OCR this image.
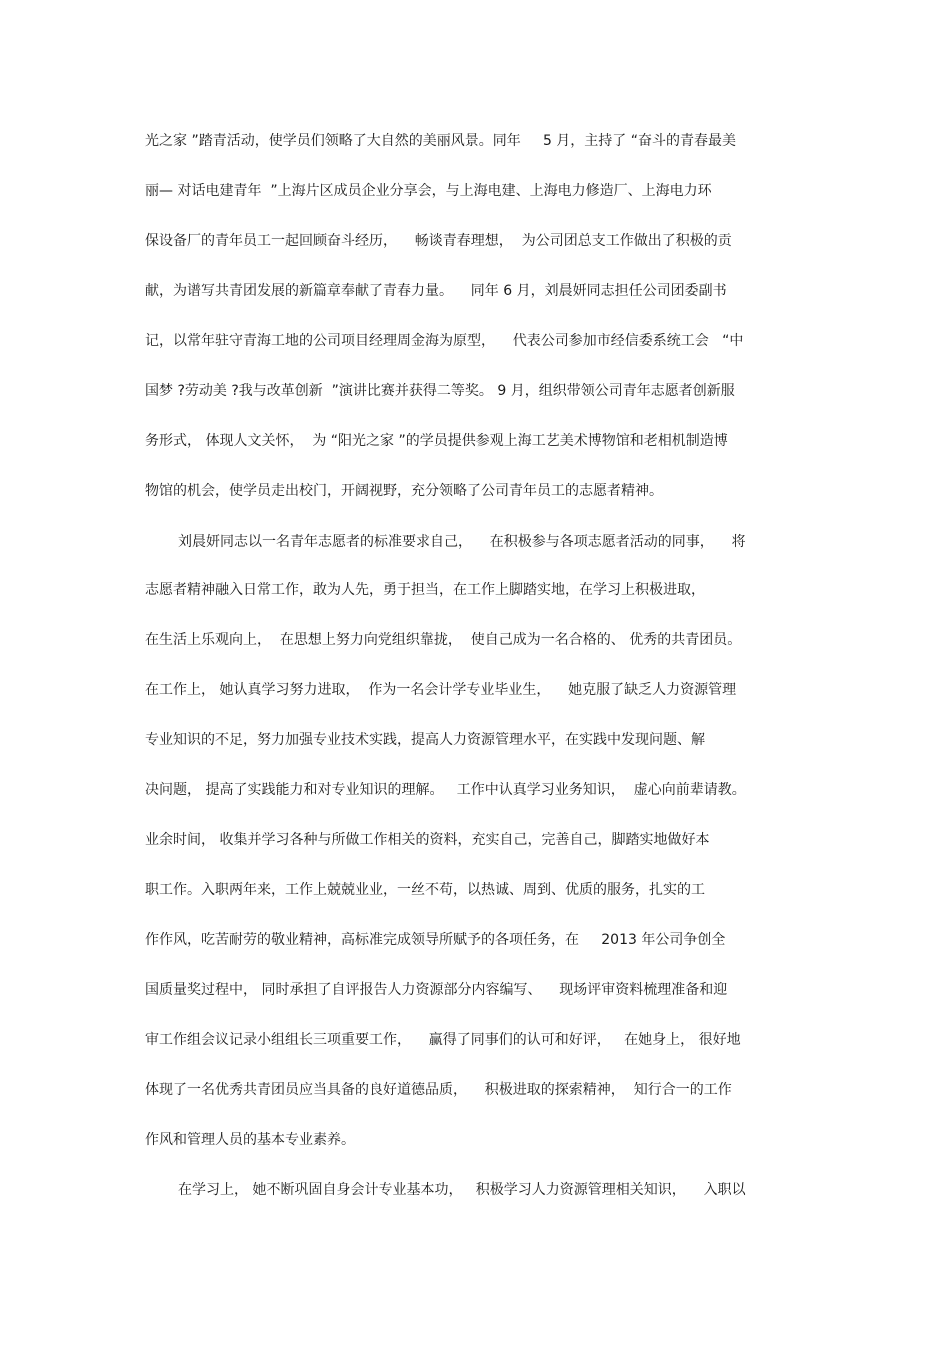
光之家 ”踏青活动，使学员们领略了大自然的美丽风景。同年     5 月，主持了 “奋斗的青春最美
丽— 对话电建青年  ”上海片区成员企业分享会，与上海电建、上海电力修造厂、上海电力环
保设备厂的青年员工一起回顾奋斗经历，    畅谈青春理想，  为公司团总支工作做出了积极的贡
献，为谱写共青团发展的新篇章奉献了青春力量。    同年 6 月，刘晨妍同志担任公司团委副书
记，以常年驻守青海工地的公司项目经理周金海为原型，    代表公司参加市经信委系统工会   “中
国梦 ?劳动美 ?我与改革创新  ”演讲比赛并获得二等奖。 9 月，组织带领公司青年志愿者创新服
务形式， 体现人文关怀，  为 “阳光之家 ”的学员提供参观上海工艺美术博物馆和老相机制造博
物馆的机会，使学员走出校门，开阔视野，充分领略了公司青年员工的志愿者精神。
刘晨妍同志以一名青年志愿者的标准要求自己，    在积极参与各项志愿者活动的同事，    将
志愿者精神融入日常工作，敢为人先，勇于担当，在工作上脚踏实地，在学习上积极进取，
在生活上乐观向上，  在思想上努力向党组织靠拢，  使自己成为一名合格的、 优秀的共青团员。
在工作上， 她认真学习努力进取，  作为一名会计学专业毕业生，    她克服了缺乏人力资源管理
专业知识的不足，努力加强专业技术实践，提高人力资源管理水平，在实践中发现问题、解
决问题， 提高了实践能力和对专业知识的理解。   工作中认真学习业务知识，  虚心向前辈请教。
业余时间， 收集并学习各种与所做工作相关的资料，充实自己，完善自己，脚踏实地做好本
职工作。入职两年来，工作上兢兢业业，一丝不苟，以热诚、周到、优质的服务，扎实的工
作作风，吃苦耐劳的敬业精神，高标准完成领导所赋予的各项任务，在     2013 年公司争创全
国质量奖过程中， 同时承担了自评报告人力资源部分内容编写、    现场评审资料梳理准备和迎
审工作组会议记录小组组长三项重要工作，    赢得了同事们的认可和好评，   在她身上， 很好地
体现了一名优秀共青团员应当具备的良好道德品质，    积极进取的探索精神，  知行合一的工作
作风和管理人员的基本专业素养。
在学习上， 她不断巩固自身会计专业基本功，   积极学习人力资源管理相关知识，    入职以
